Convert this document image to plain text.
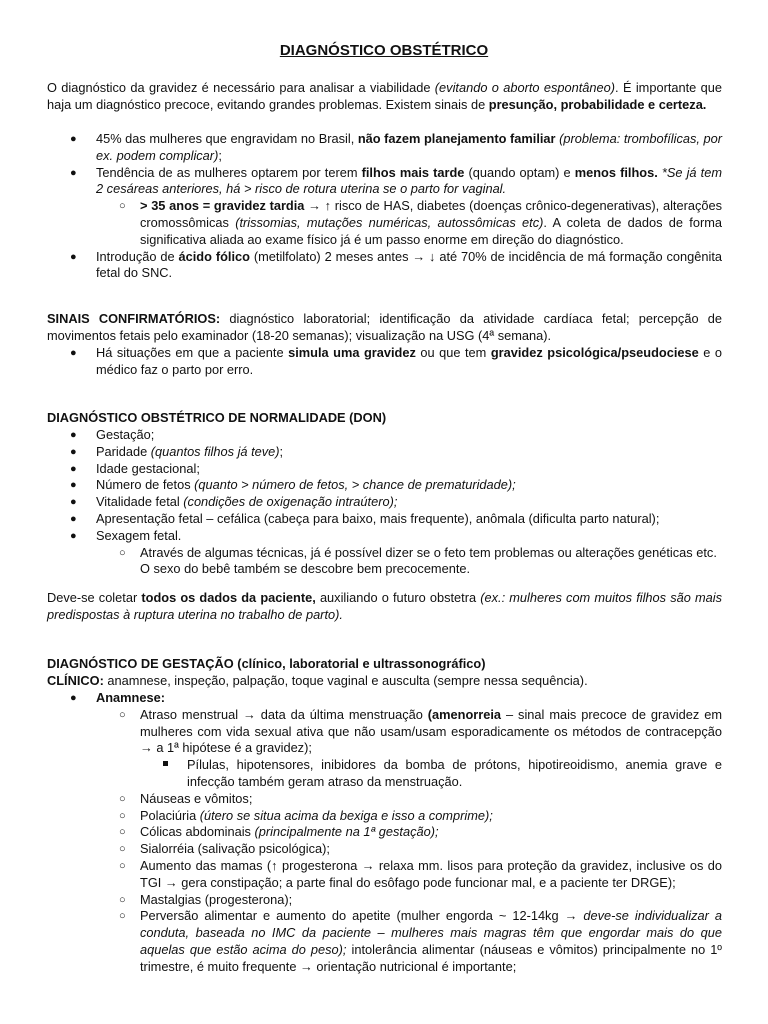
DIAGNÓSTICO OBSTÉTRICO
O diagnóstico da gravidez é necessário para analisar a viabilidade (evitando o aborto espontâneo). É importante que haja um diagnóstico precoce, evitando grandes problemas. Existem sinais de presunção, probabilidade e certeza.
● 45% das mulheres que engravidam no Brasil, não fazem planejamento familiar (problema: trombofílicas, por ex. podem complicar);
● Tendência de as mulheres optarem por terem filhos mais tarde (quando optam) e menos filhos. *Se já tem 2 cesáreas anteriores, há > risco de rotura uterina se o parto for vaginal.
○ > 35 anos = gravidez tardia → ↑ risco de HAS, diabetes (doenças crônico-degenerativas), alterações cromossômicas (trissomias, mutações numéricas, autossômicas etc). A coleta de dados de forma significativa aliada ao exame físico já é um passo enorme em direção do diagnóstico.
● Introdução de ácido fólico (metilfolato) 2 meses antes → ↓ até 70% de incidência de má formação congênita fetal do SNC.
SINAIS CONFIRMATÓRIOS: diagnóstico laboratorial; identificação da atividade cardíaca fetal; percepção de movimentos fetais pelo examinador (18-20 semanas); visualização na USG (4ª semana).
● Há situações em que a paciente simula uma gravidez ou que tem gravidez psicológica/pseudociese e o médico faz o parto por erro.
DIAGNÓSTICO OBSTÉTRICO DE NORMALIDADE (DON)
● Gestação;
● Paridade (quantos filhos já teve);
● Idade gestacional;
● Número de fetos (quanto > número de fetos, > chance de prematuridade);
● Vitalidade fetal (condições de oxigenação intraútero);
● Apresentação fetal – cefálica (cabeça para baixo, mais frequente), anômala (dificulta parto natural);
● Sexagem fetal.
○ Através de algumas técnicas, já é possível dizer se o feto tem problemas ou alterações genéticas etc. O sexo do bebê também se descobre bem precocemente.
Deve-se coletar todos os dados da paciente, auxiliando o futuro obstetra (ex.: mulheres com muitos filhos são mais predispostas à ruptura uterina no trabalho de parto).
DIAGNÓSTICO DE GESTAÇÃO (clínico, laboratorial e ultrassonográfico)
CLÍNICO: anamnese, inspeção, palpação, toque vaginal e ausculta (sempre nessa sequência).
● Anamnese:
○ Atraso menstrual → data da última menstruação (amenorreia – sinal mais precoce de gravidez em mulheres com vida sexual ativa que não usam/usam esporadicamente os métodos de contracepção → a 1ª hipótese é a gravidez);
Pílulas, hipotensores, inibidores da bomba de prótons, hipotireoidismo, anemia grave e infecção também geram atraso da menstruação.
○ Náuseas e vômitos;
○ Polaciúria (útero se situa acima da bexiga e isso a comprime);
○ Cólicas abdominais (principalmente na 1ª gestação);
○ Sialorréia (salivação psicológica);
○ Aumento das mamas (↑ progesterona → relaxa mm. lisos para proteção da gravidez, inclusive os do TGI → gera constipação; a parte final do esôfago pode funcionar mal, e a paciente ter DRGE);
○ Mastalgias (progesterona);
○ Perversão alimentar e aumento do apetite (mulher engorda ~ 12-14kg → deve-se individualizar a conduta, baseada no IMC da paciente – mulheres mais magras têm que engordar mais do que aquelas que estão acima do peso); intolerância alimentar (náuseas e vômitos) principalmente no 1º trimestre, é muito frequente → orientação nutricional é importante;
